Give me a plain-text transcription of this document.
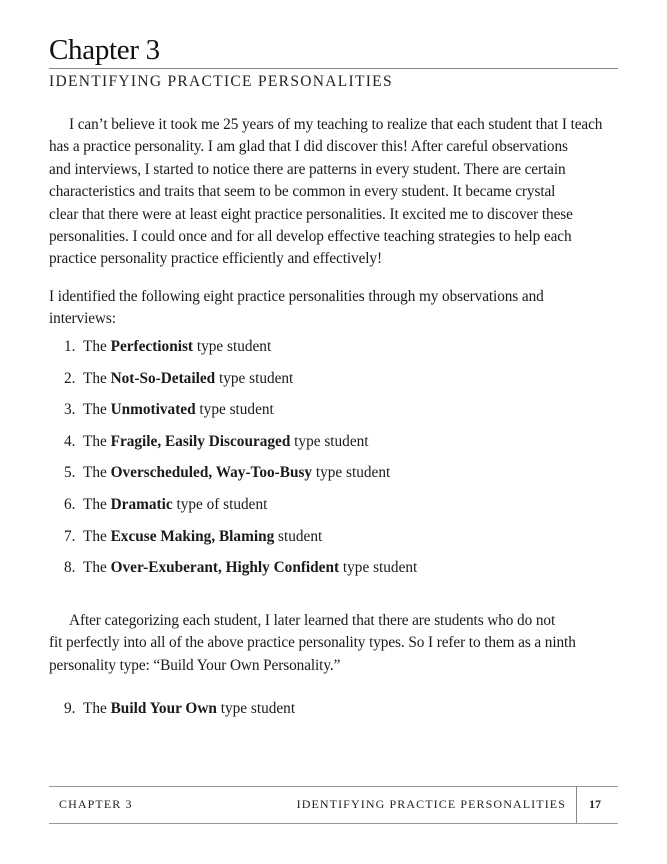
Chapter 3
IDENTIFYING PRACTICE PERSONALITIES
I can’t believe it took me 25 years of my teaching to realize that each student that I teach
has a practice personality. I am glad that I did discover this! After careful observations
and interviews, I started to notice there are patterns in every student. There are certain
characteristics and traits that seem to be common in every student. It became crystal
clear that there were at least eight practice personalities. It excited me to discover these
personalities. I could once and for all develop effective teaching strategies to help each
practice personality practice efficiently and effectively!
I identified the following eight practice personalities through my observations and
interviews:
1. The Perfectionist type student
2. The Not-So-Detailed type student
3. The Unmotivated type student
4. The Fragile, Easily Discouraged type student
5. The Overscheduled, Way-Too-Busy type student
6. The Dramatic type of student
7. The Excuse Making, Blaming student
8. The Over-Exuberant, Highly Confident type student
After categorizing each student, I later learned that there are students who do not
fit perfectly into all of the above practice personality types. So I refer to them as a ninth
personality type: “Build Your Own Personality.”
9. The Build Your Own type student
CHAPTER 3	IDENTIFYING PRACTICE PERSONALITIES 17
